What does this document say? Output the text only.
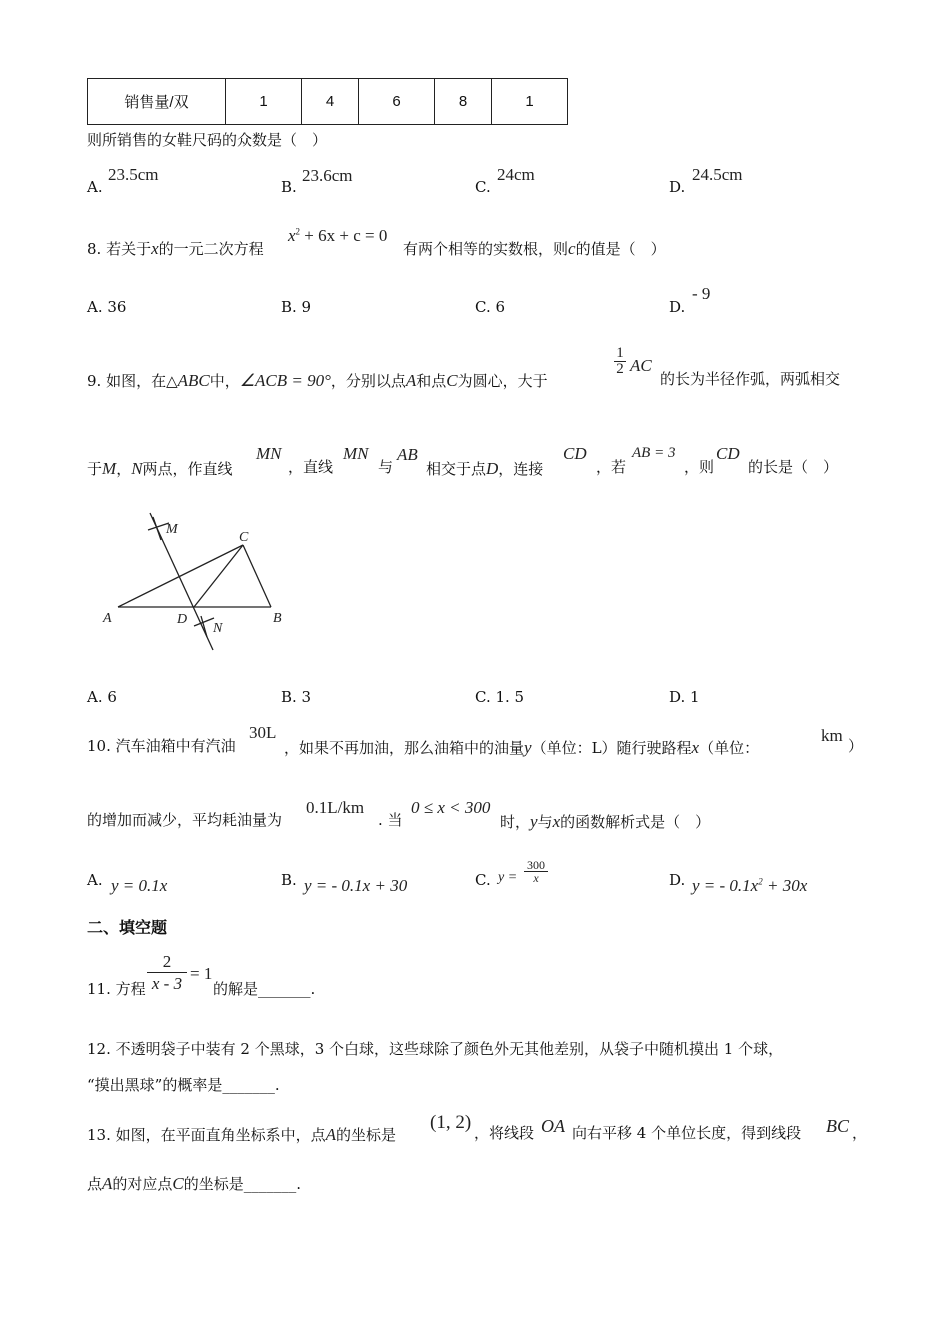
销售量/双	1	4	6	8	1
则所销售的女鞋尺码的众数是（　）
A.
23.5cm
B.
23.6cm
C.
24cm
D.
24.5cm
8. 若关于x的一元二次方程
$x^2 + 6x + c = 0$
有两个相等的实数根，则c的值是（　）
A. 36	B. 9	C. 6	D.
- 9
9. 如图，在△ABC中，∠ACB = 90°，分别以点A和点C为圆心，大于
$\frac{1}{2}$ AC
的长为半径作弧，两弧相交
于M，N两点，作直线
MN
，直线
MN
与
AB
相交于点D，连接
CD
，若
AB = 3
，则
CD
的长是（　）
A	B
C
D
M
N
A. 6	B. 3	C. 1. 5	D. 1
10. 汽车油箱中有汽油
30L
，如果不再加油，那么油箱中的油量y（单位：L）随行驶路程x（单位：
km
）
的增加而减少，平均耗油量为
0.1L/km
. 当
0 ≤ x < 300
时，y与x的函数解析式是（　）
A. y = 0.1x	B. y = - 0.1x + 30	C. $y = \frac{300}{x}$	D. y = - $0.1x^2 + 30x$
二、填空题
11. 方程 $\frac{2}{x - 3} = 1$
的解是_______.
12. 不透明袋子中装有 2 个黑球，3 个白球，这些球除了颜色外无其他差别，从袋子中随机摸出 1 个球，
“摸出黑球”的概率是_______.
13. 如图，在平面直角坐标系中，点A的坐标是
(1, 2) ，将线段 OA 向右平移 4 个单位长度，得到线段 BC ，
点A的对应点C的坐标是_______.
